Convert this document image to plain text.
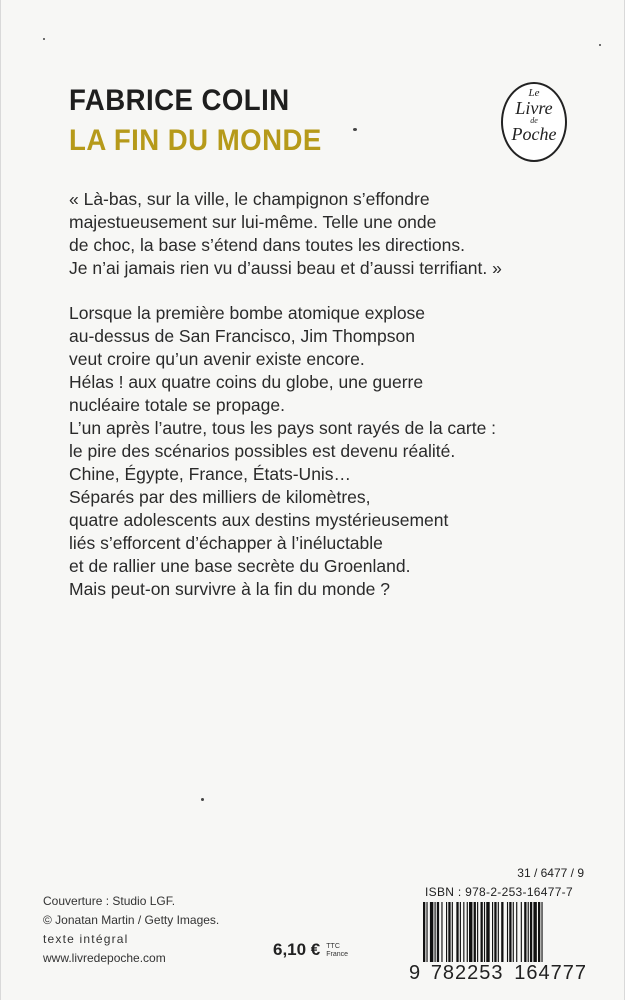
FABRICE COLIN
LA FIN DU MONDE
Le
Livre
de
Poche
« Là-bas, sur la ville, le champignon s’effondre
majestueusement sur lui-même. Telle une onde
de choc, la base s’étend dans toutes les directions.
Je n’ai jamais rien vu d’aussi beau et d’aussi terrifiant. »
Lorsque la première bombe atomique explose
au-dessus de San Francisco, Jim Thompson
veut croire qu’un avenir existe encore.
Hélas ! aux quatre coins du globe, une guerre
nucléaire totale se propage.
L’un après l’autre, tous les pays sont rayés de la carte :
le pire des scénarios possibles est devenu réalité.
Chine, Égypte, France, États-Unis…
Séparés par des milliers de kilomètres,
quatre adolescents aux destins mystérieusement
liés s’efforcent d’échapper à l’inéluctable
et de rallier une base secrète du Groenland.
Mais peut-on survivre à la fin du monde ?
Couverture : Studio LGF.
© Jonatan Martin / Getty Images.
texte intégral
www.livredepoche.com	6,10 € TTC
France
31 / 6477 / 9
ISBN : 978-2-253-16477-7
9 782253 164777
